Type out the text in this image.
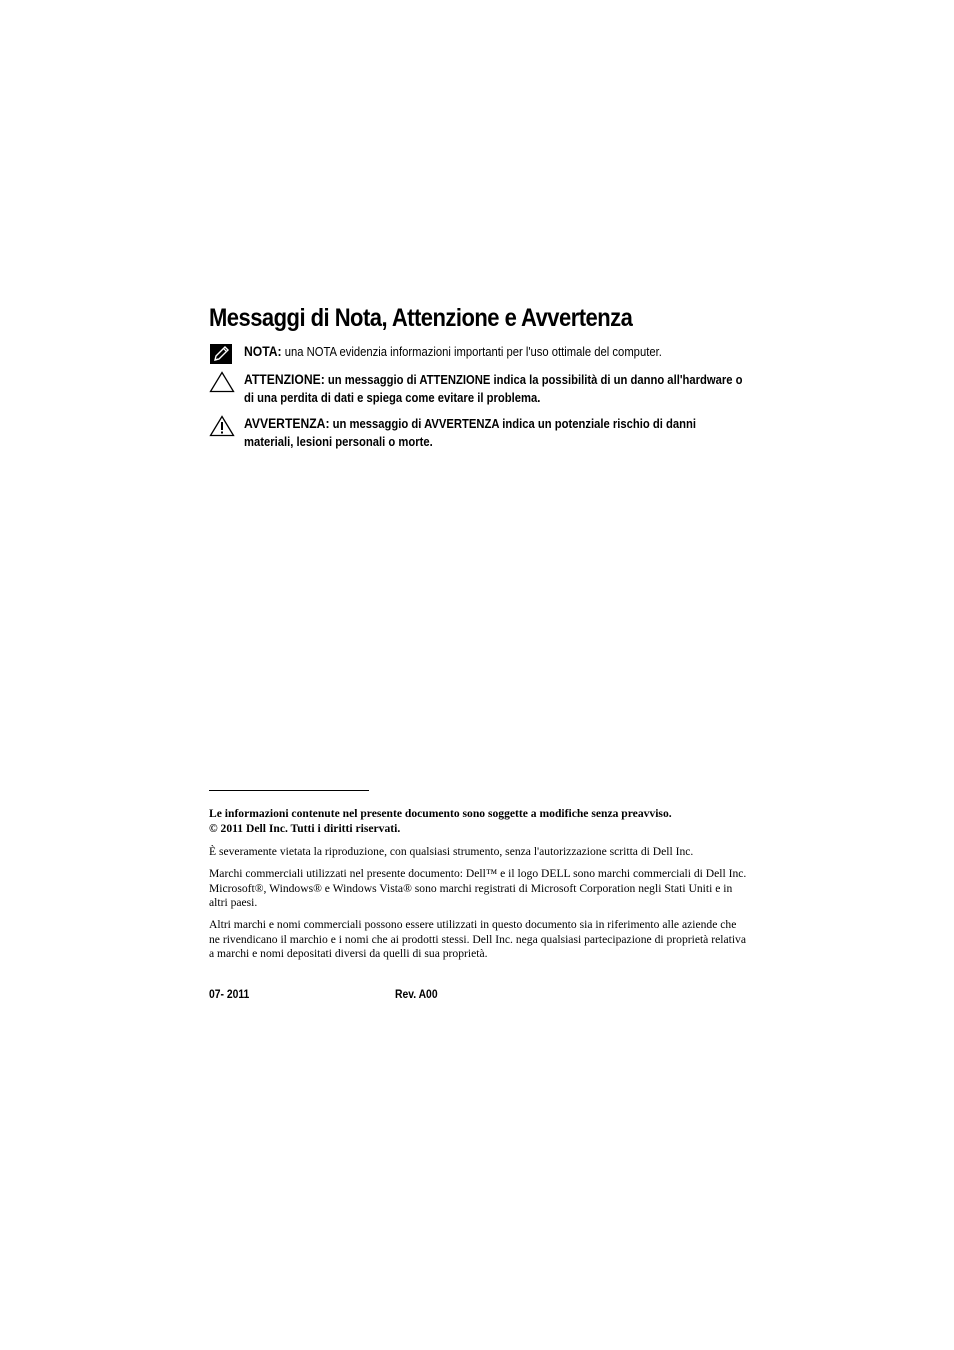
Messaggi di Nota, Attenzione e Avvertenza
NOTA: una NOTA evidenzia informazioni importanti per l'uso ottimale del computer.
ATTENZIONE: un messaggio di ATTENZIONE indica la possibilità di un danno all'hardware o di una perdita di dati e spiega come evitare il problema.
AVVERTENZA: un messaggio di AVVERTENZA indica un potenziale rischio di danni materiali, lesioni personali o morte.
Le informazioni contenute nel presente documento sono soggette a modifiche senza preavviso.
© 2011 Dell Inc. Tutti i diritti riservati.
È severamente vietata la riproduzione, con qualsiasi strumento, senza l'autorizzazione scritta di Dell Inc.
Marchi commerciali utilizzati nel presente documento: Dell™ e il logo DELL sono marchi commerciali di Dell Inc. Microsoft®, Windows® e Windows Vista® sono marchi registrati di Microsoft Corporation negli Stati Uniti e in altri paesi.
Altri marchi e nomi commerciali possono essere utilizzati in questo documento sia in riferimento alle aziende che ne rivendicano il marchio e i nomi che ai prodotti stessi. Dell Inc. nega qualsiasi partecipazione di proprietà relativa a marchi e nomi depositati diversi da quelli di sua proprietà.
07- 2011	Rev. A00
